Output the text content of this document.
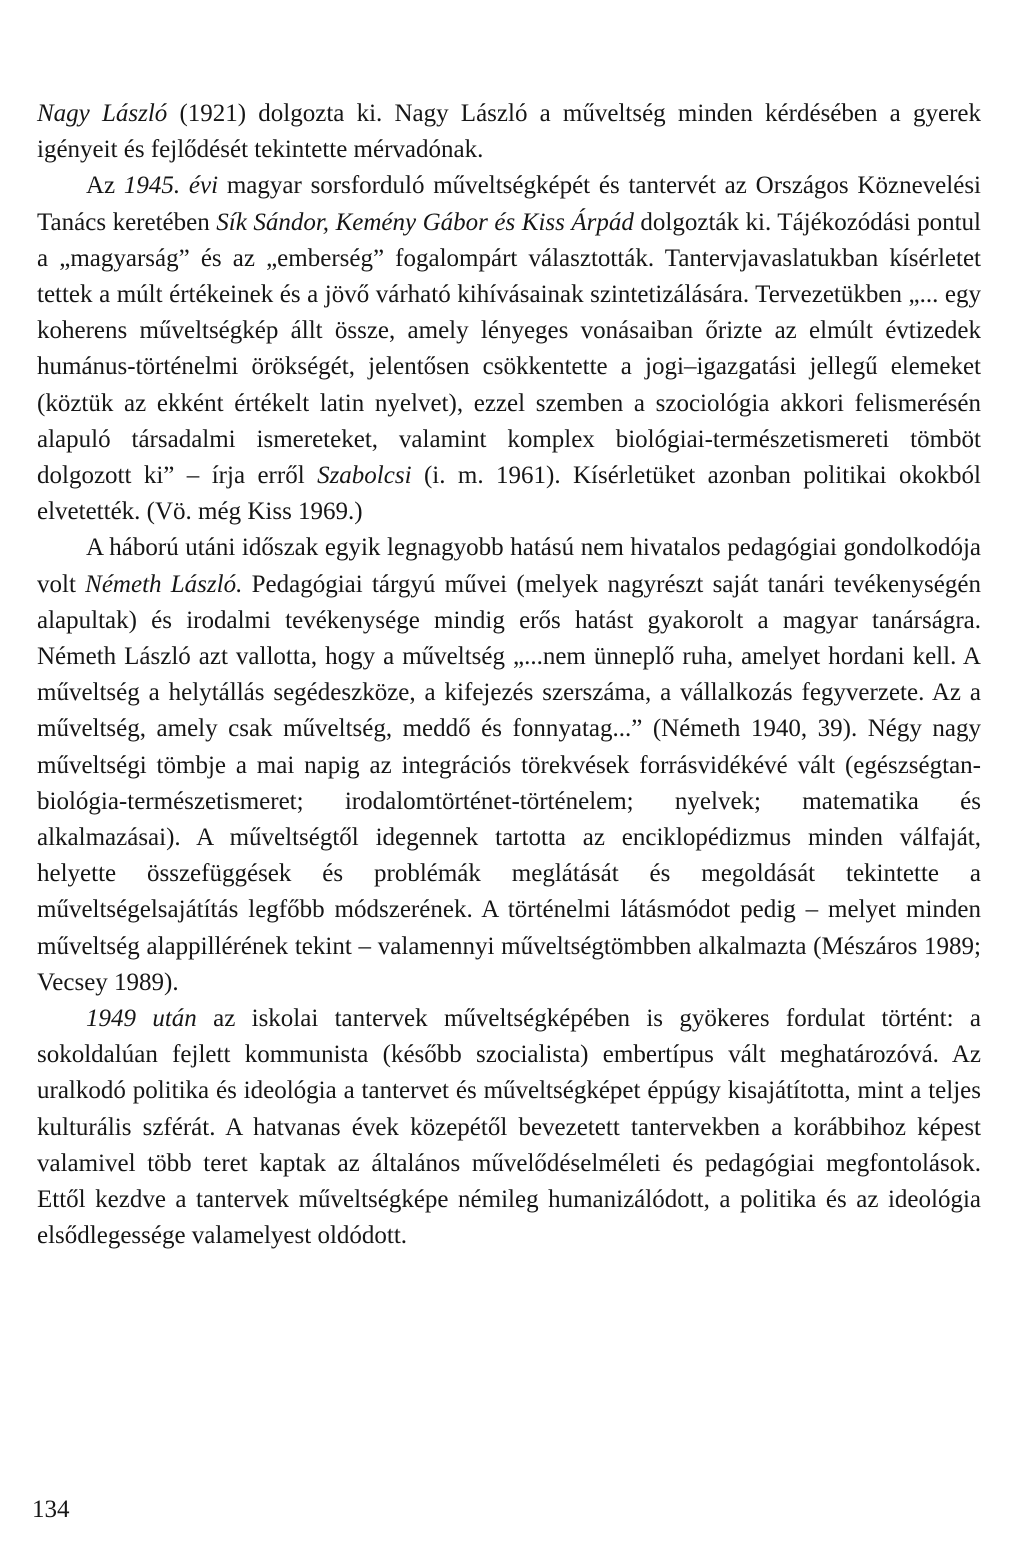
Nagy László (1921) dolgozta ki. Nagy László a műveltség minden kérdésében a gyerek igényeit és fejlődését tekintette mérvadónak.

Az 1945. évi magyar sorsforduló műveltségképét és tantervét az Országos Köznevelési Tanács keretében Sík Sándor, Kemény Gábor és Kiss Árpád dolgozták ki. Tájékozódási pontul a „magyarság” és az „emberség” fogalompárt választották. Tantervjavaslatukban kísérletet tettek a múlt értékeinek és a jövő várható kihívásainak szintetizálására. Tervezetükben „... egy koherens műveltségkép állt össze, amely lényeges vonásaiban őrizte az elmúlt évtizedek humánus-történelmi örökségét, jelentősen csökkentette a jogi–igazgatási jellegű elemeket (köztük az ekként értékelt latin nyelvet), ezzel szemben a szociológia akkori felismerésén alapuló társadalmi ismereteket, valamint komplex biológiai-természetismereti tömböt dolgozott ki” – írja erről Szabolcsi (i. m. 1961). Kísérletüket azonban politikai okokból elvetették. (Vö. még Kiss 1969.)

A háború utáni időszak egyik legnagyobb hatású nem hivatalos pedagógiai gondolkodója volt Németh László. Pedagógiai tárgyú művei (melyek nagyrészt saját tanári tevékenységén alapultak) és irodalmi tevékenysége mindig erős hatást gyakorolt a magyar tanárságra. Németh László azt vallotta, hogy a műveltség „...nem ünneplő ruha, amelyet hordani kell. A műveltség a helytállás segédeszköze, a kifejezés szerszáma, a vállalkozás fegyverzete. Az a műveltség, amely csak műveltség, meddő és fonnyatag...” (Németh 1940, 39). Négy nagy műveltségi tömbje a mai napig az integrációs törekvések forrásvidékévé vált (egészségtan-biológia-természetismeret; irodalomtörténet-történelem; nyelvek; matematika és alkalmazásai). A műveltségtől idegennek tartotta az enciklopédizmus minden válfaját, helyette összefüggések és problémák meglátását és megoldását tekintette a műveltségelsajátítás legfőbb módszerének. A történelmi látásmódot pedig – melyet minden műveltség alappillérének tekint – valamennyi műveltségtömbben alkalmazta (Mészáros 1989; Vecsey 1989).

1949 után az iskolai tantervek műveltségképében is gyökeres fordulat történt: a sokoldalúan fejlett kommunista (később szocialista) embertípus vált meghatározóvá. Az uralkodó politika és ideológia a tantervet és műveltségképet éppúgy kisajátította, mint a teljes kulturális szférát. A hatvanas évek közepétől bevezetett tantervekben a korábbihoz képest valamivel több teret kaptak az általános művelődéselméleti és pedagógiai megfontolások. Ettől kezdve a tantervek műveltségképe némileg humanizálódott, a politika és az ideológia elsődlegessége valamelyest oldódott.

134
